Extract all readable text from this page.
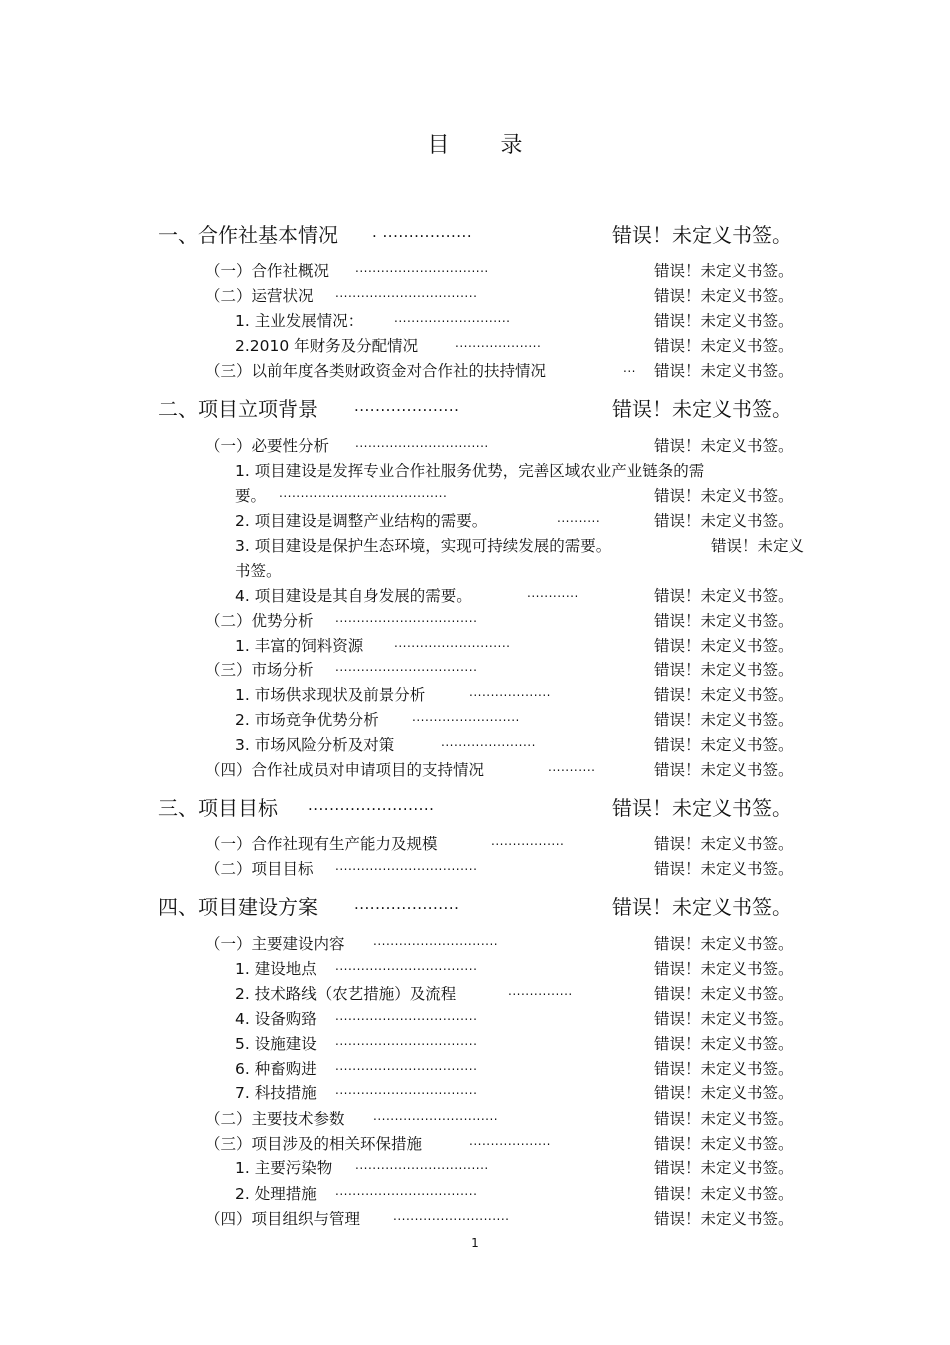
目 录
一、合作社基本情况 . .................	错误！未定义书签。
（一）合作社概况 ...............................	错误！未定义书签。
（二）运营状况 .................................	错误！未定义书签。
1. 主业发展情况：	...........................	错误！未定义书签。
2.2010 年财务及分配情况	....................	错误！未定义书签。
（三）以前年度各类财政资金对合作社的扶持情况	... 错误！未定义书签。
二、项目立项背景 ....................	错误！未定义书签。
（一）必要性分析 ...............................	错误！未定义书签。
1. 项目建设是发挥专业合作社服务优势，完善区域农业产业链条的需
要。 .......................................	错误！未定义书签。
2. 项目建设是调整产业结构的需要。	..........	错误！未定义书签。
3. 项目建设是保护生态环境，实现可持续发展的需要。	错误！未定义
书签。
4. 项目建设是其自身发展的需要。	............	错误！未定义书签。
（二）优势分析 .................................	错误！未定义书签。
1. 丰富的饲料资源	...........................	错误！未定义书签。
（三）市场分析 .................................	错误！未定义书签。
1. 市场供求现状及前景分析	...................	错误！未定义书签。
2. 市场竞争优势分析	.........................	错误！未定义书签。
3. 市场风险分析及对策	......................	错误！未定义书签。
（四）合作社成员对申请项目的支持情况	...........	错误！未定义书签。
三、项目目标 ........................	错误！未定义书签。
（一）合作社现有生产能力及规模	.................	错误！未定义书签。
（二）项目目标 .................................	错误！未定义书签。
四、项目建设方案 ....................	错误！未定义书签。
（一）主要建设内容 .............................	错误！未定义书签。
1. 建设地点 .................................	错误！未定义书签。
2. 技术路线（农艺措施）及流程	...............	错误！未定义书签。
4. 设备购臵 .................................	错误！未定义书签。
5. 设施建设 .................................	错误！未定义书签。
6. 种畜购进 .................................	错误！未定义书签。
7. 科技措施 .................................	错误！未定义书签。
（二）主要技术参数 .............................	错误！未定义书签。
（三）项目涉及的相关环保措施	...................	错误！未定义书签。
1. 主要污染物 ...............................	错误！未定义书签。
2. 处理措施 .................................	错误！未定义书签。
（四）项目组织与管理	...........................	错误！未定义书签。
1
